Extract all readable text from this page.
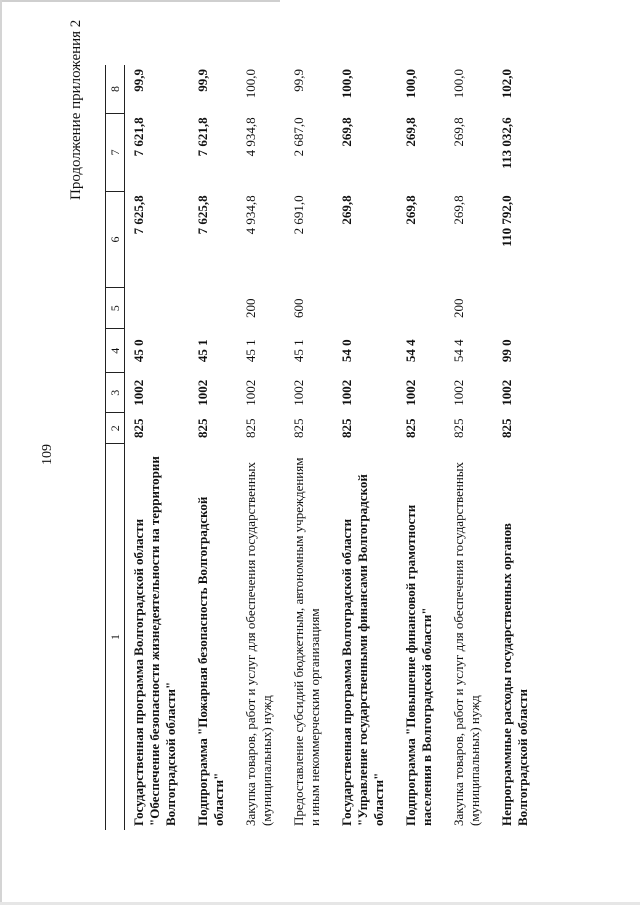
109
Продолжение приложения 2
1	2	3	4	5	6	7	8
Государственная программа Волгоградской области "Обеспечение безопасности жизнедеятельности на территории Волгоградской области"	825	1002	45 0		7 625,8	7 621,8	99,9
Подпрограмма "Пожарная безопасность Волгоградской области"	825	1002	45 1		7 625,8	7 621,8	99,9
Закупка товаров, работ и услуг для обеспечения государственных (муниципальных) нужд	825	1002	45 1	200	4 934,8	4 934,8	100,0
Предоставление субсидий бюджетным, автономным учреждениям и иным некоммерческим организациям	825	1002	45 1	600	2 691,0	2 687,0	99,9
Государственная программа Волгоградской области "Управление государственными финансами Волгоградской области"	825	1002	54 0		269,8	269,8	100,0
Подпрограмма "Повышение финансовой грамотности населения в Волгоградской области"	825	1002	54 4		269,8	269,8	100,0
Закупка товаров, работ и услуг для обеспечения государственных (муниципальных) нужд	825	1002	54 4	200	269,8	269,8	100,0
Непрограммные расходы государственных органов Волгоградской области	825	1002	99 0		110 792,0	113 032,6	102,0
